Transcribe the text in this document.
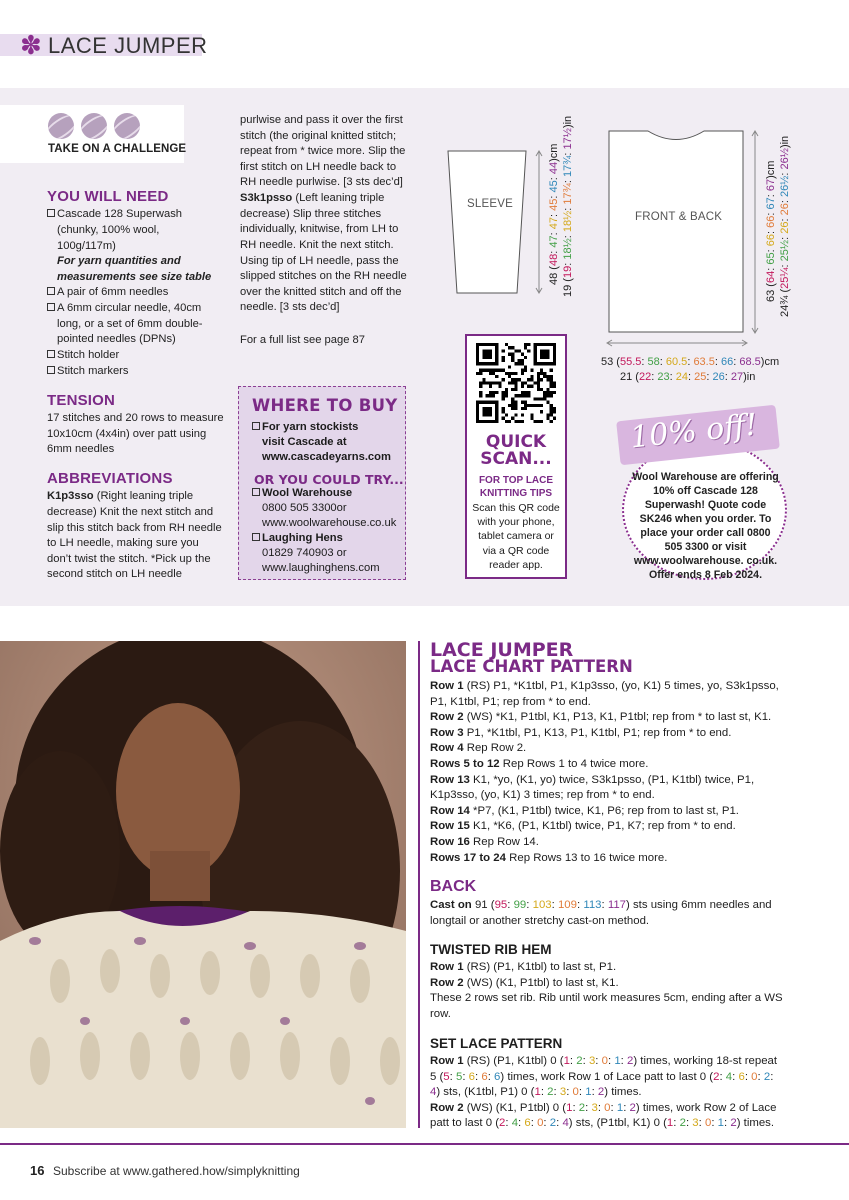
✽ LACE JUMPER
TAKE ON A CHALLENGE
YOU WILL NEED
Cascade 128 Superwash
(chunky, 100% wool,
100g/117m)
For yarn quantities and
measurements see size table
A pair of 6mm needles
A 6mm circular needle, 40cm
long, or a set of 6mm double-
pointed needles (DPNs)
Stitch holder
Stitch markers
TENSION
17 stitches and 20 rows to measure
10x10cm (4x4in) over patt using
6mm needles
ABBREVIATIONS
K1p3sso (Right leaning triple
decrease) Knit the next stitch and
slip this stitch back from RH needle
to LH needle, making sure you
don’t twist the stitch. *Pick up the
second stitch on LH needle
purlwise and pass it over the first
stitch (the original knitted stitch;
repeat from * twice more. Slip the
first stitch on LH needle back to
RH needle purlwise. [3 sts dec’d]
S3k1psso (Left leaning triple
decrease) Slip three stitches
individually, knitwise, from LH to
RH needle. Knit the next stitch.
Using tip of LH needle, pass the
slipped stitches on the RH needle
over the knitted stitch and off the
needle. [3 sts dec’d]
For a full list see page 87
WHERE TO BUY
For yarn stockists
visit Cascade at
www.cascadeyarns.com
OR YOU COULD TRY...
Wool Warehouse
0800 505 3300or
www.woolwarehouse.co.uk
Laughing Hens
01829 740903 or
www.laughinghens.com
SLEEVE
48 (48: 47: 47: 45: 45: 44)cm
19 (19: 18½: 18½: 17¾: 17¾: 17½)in
FRONT & BACK
63 (64: 65: 66: 66: 67: 67)cm
24¾ (25¼: 25½: 26: 26: 26½: 26½)in
53 (55.5: 58: 60.5: 63.5: 66: 68.5)cm
21 (22: 23: 24: 25: 26: 27)in
QUICK
SCAN...
FOR TOP LACE KNITTING TIPS
Scan this QR code with your phone, tablet camera or via a QR code reader app.
10% off!
Wool Warehouse are offering 10% off Cascade 128 Superwash! Quote code SK246 when you order. To place your order call 0800 505 3300 or visit www.woolwarehouse. co.uk. Offer ends 8 Feb 2024.
LACE JUMPER
LACE CHART PATTERN
Row 1 (RS) P1, *K1tbl, P1, K1p3sso, (yo, K1) 5 times, yo, S3k1psso, P1, K1tbl, P1; rep from * to end.
Row 2 (WS) *K1, P1tbl, K1, P13, K1, P1tbl; rep from * to last st, K1.
Row 3 P1, *K1tbl, P1, K13, P1, K1tbl, P1; rep from * to end.
Row 4 Rep Row 2.
Rows 5 to 12 Rep Rows 1 to 4 twice more.
Row 13 K1, *yo, (K1, yo) twice, S3k1psso, (P1, K1tbl) twice, P1, K1p3sso, (yo, K1) 3 times; rep from * to end.
Row 14 *P7, (K1, P1tbl) twice, K1, P6; rep from to last st, P1.
Row 15 K1, *K6, (P1, K1tbl) twice, P1, K7; rep from * to end.
Row 16 Rep Row 14.
Rows 17 to 24 Rep Rows 13 to 16 twice more.
BACK
Cast on 91 (95: 99: 103: 109: 113: 117) sts using 6mm needles and longtail or another stretchy cast-on method.
TWISTED RIB HEM
Row 1 (RS) (P1, K1tbl) to last st, P1.
Row 2 (WS) (K1, P1tbl) to last st, K1.
These 2 rows set rib. Rib until work measures 5cm, ending after a WS row.
SET LACE PATTERN
Row 1 (RS) (P1, K1tbl) 0 (1: 2: 3: 0: 1: 2) times, working 18-st repeat 5 (5: 5: 6: 6: 6) times, work Row 1 of Lace patt to last 0 (2: 4: 6: 0: 2: 4) sts, (K1tbl, P1) 0 (1: 2: 3: 0: 1: 2) times.
Row 2 (WS) (K1, P1tbl) 0 (1: 2: 3: 0: 1: 2) times, work Row 2 of Lace patt to last 0 (2: 4: 6: 0: 2: 4) sts, (P1tbl, K1) 0 (1: 2: 3: 0: 1: 2) times.
16 Subscribe at www.gathered.how/simplyknitting
